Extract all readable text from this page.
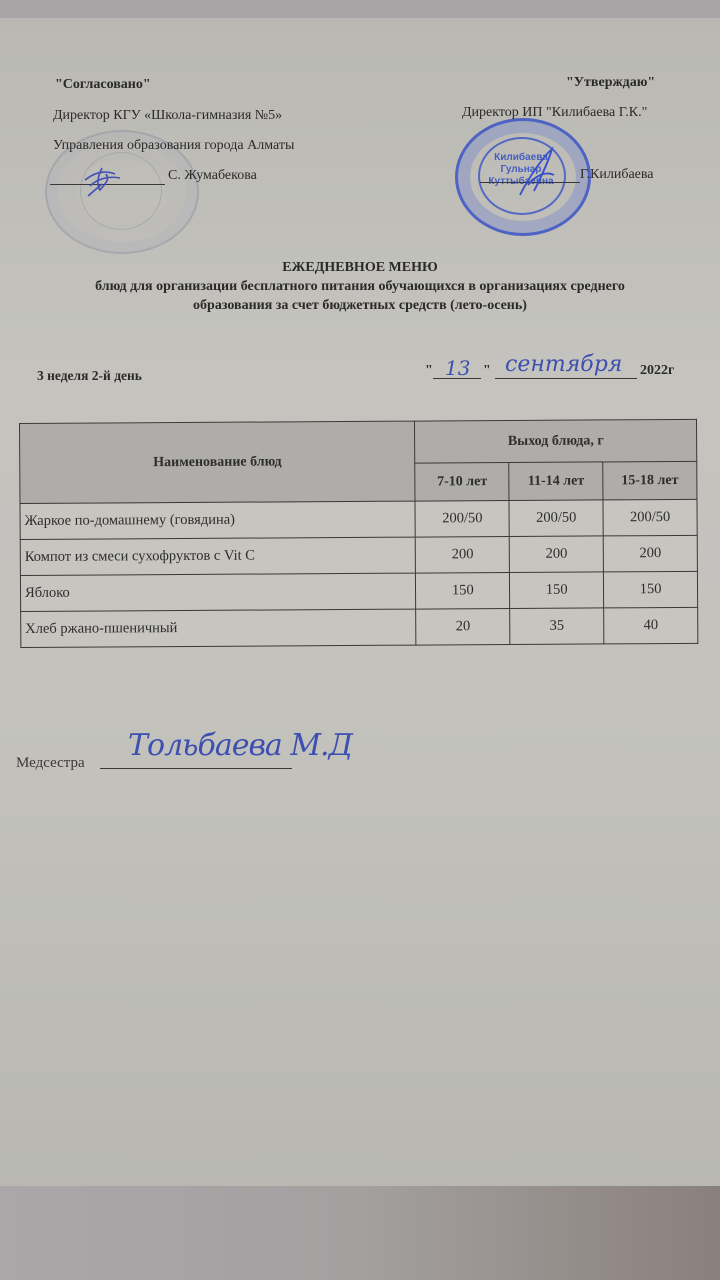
"Согласовано"
Директор КГУ «Школа-гимназия №5»
Управления образования города Алматы
С. Жумабекова
Килибаева
Гульнар
"Утверждаю"
Директор ИП "Килибаева Г.К."
Г.Килибаева
ЕЖЕДНЕВНОЕ МЕНЮ
блюд для организации бесплатного питания обучающихся в организациях среднего
образования за счет бюджетных средств (лето-осень)
3 неделя 2-й день	" 13 " сентября 2022г
Наименование блюд	Выход блюда, г		
	7-10 лет	11-14 лет	15-18 лет
Жаркое по-домашнему (говядина)	200/50	200/50	200/50
Компот из смеси сухофруктов с Vit C	200	200	200
Яблоко	150	150	150
Хлеб ржано-пшеничный	20	35	40
Медсестра Тольбаева М.Д
